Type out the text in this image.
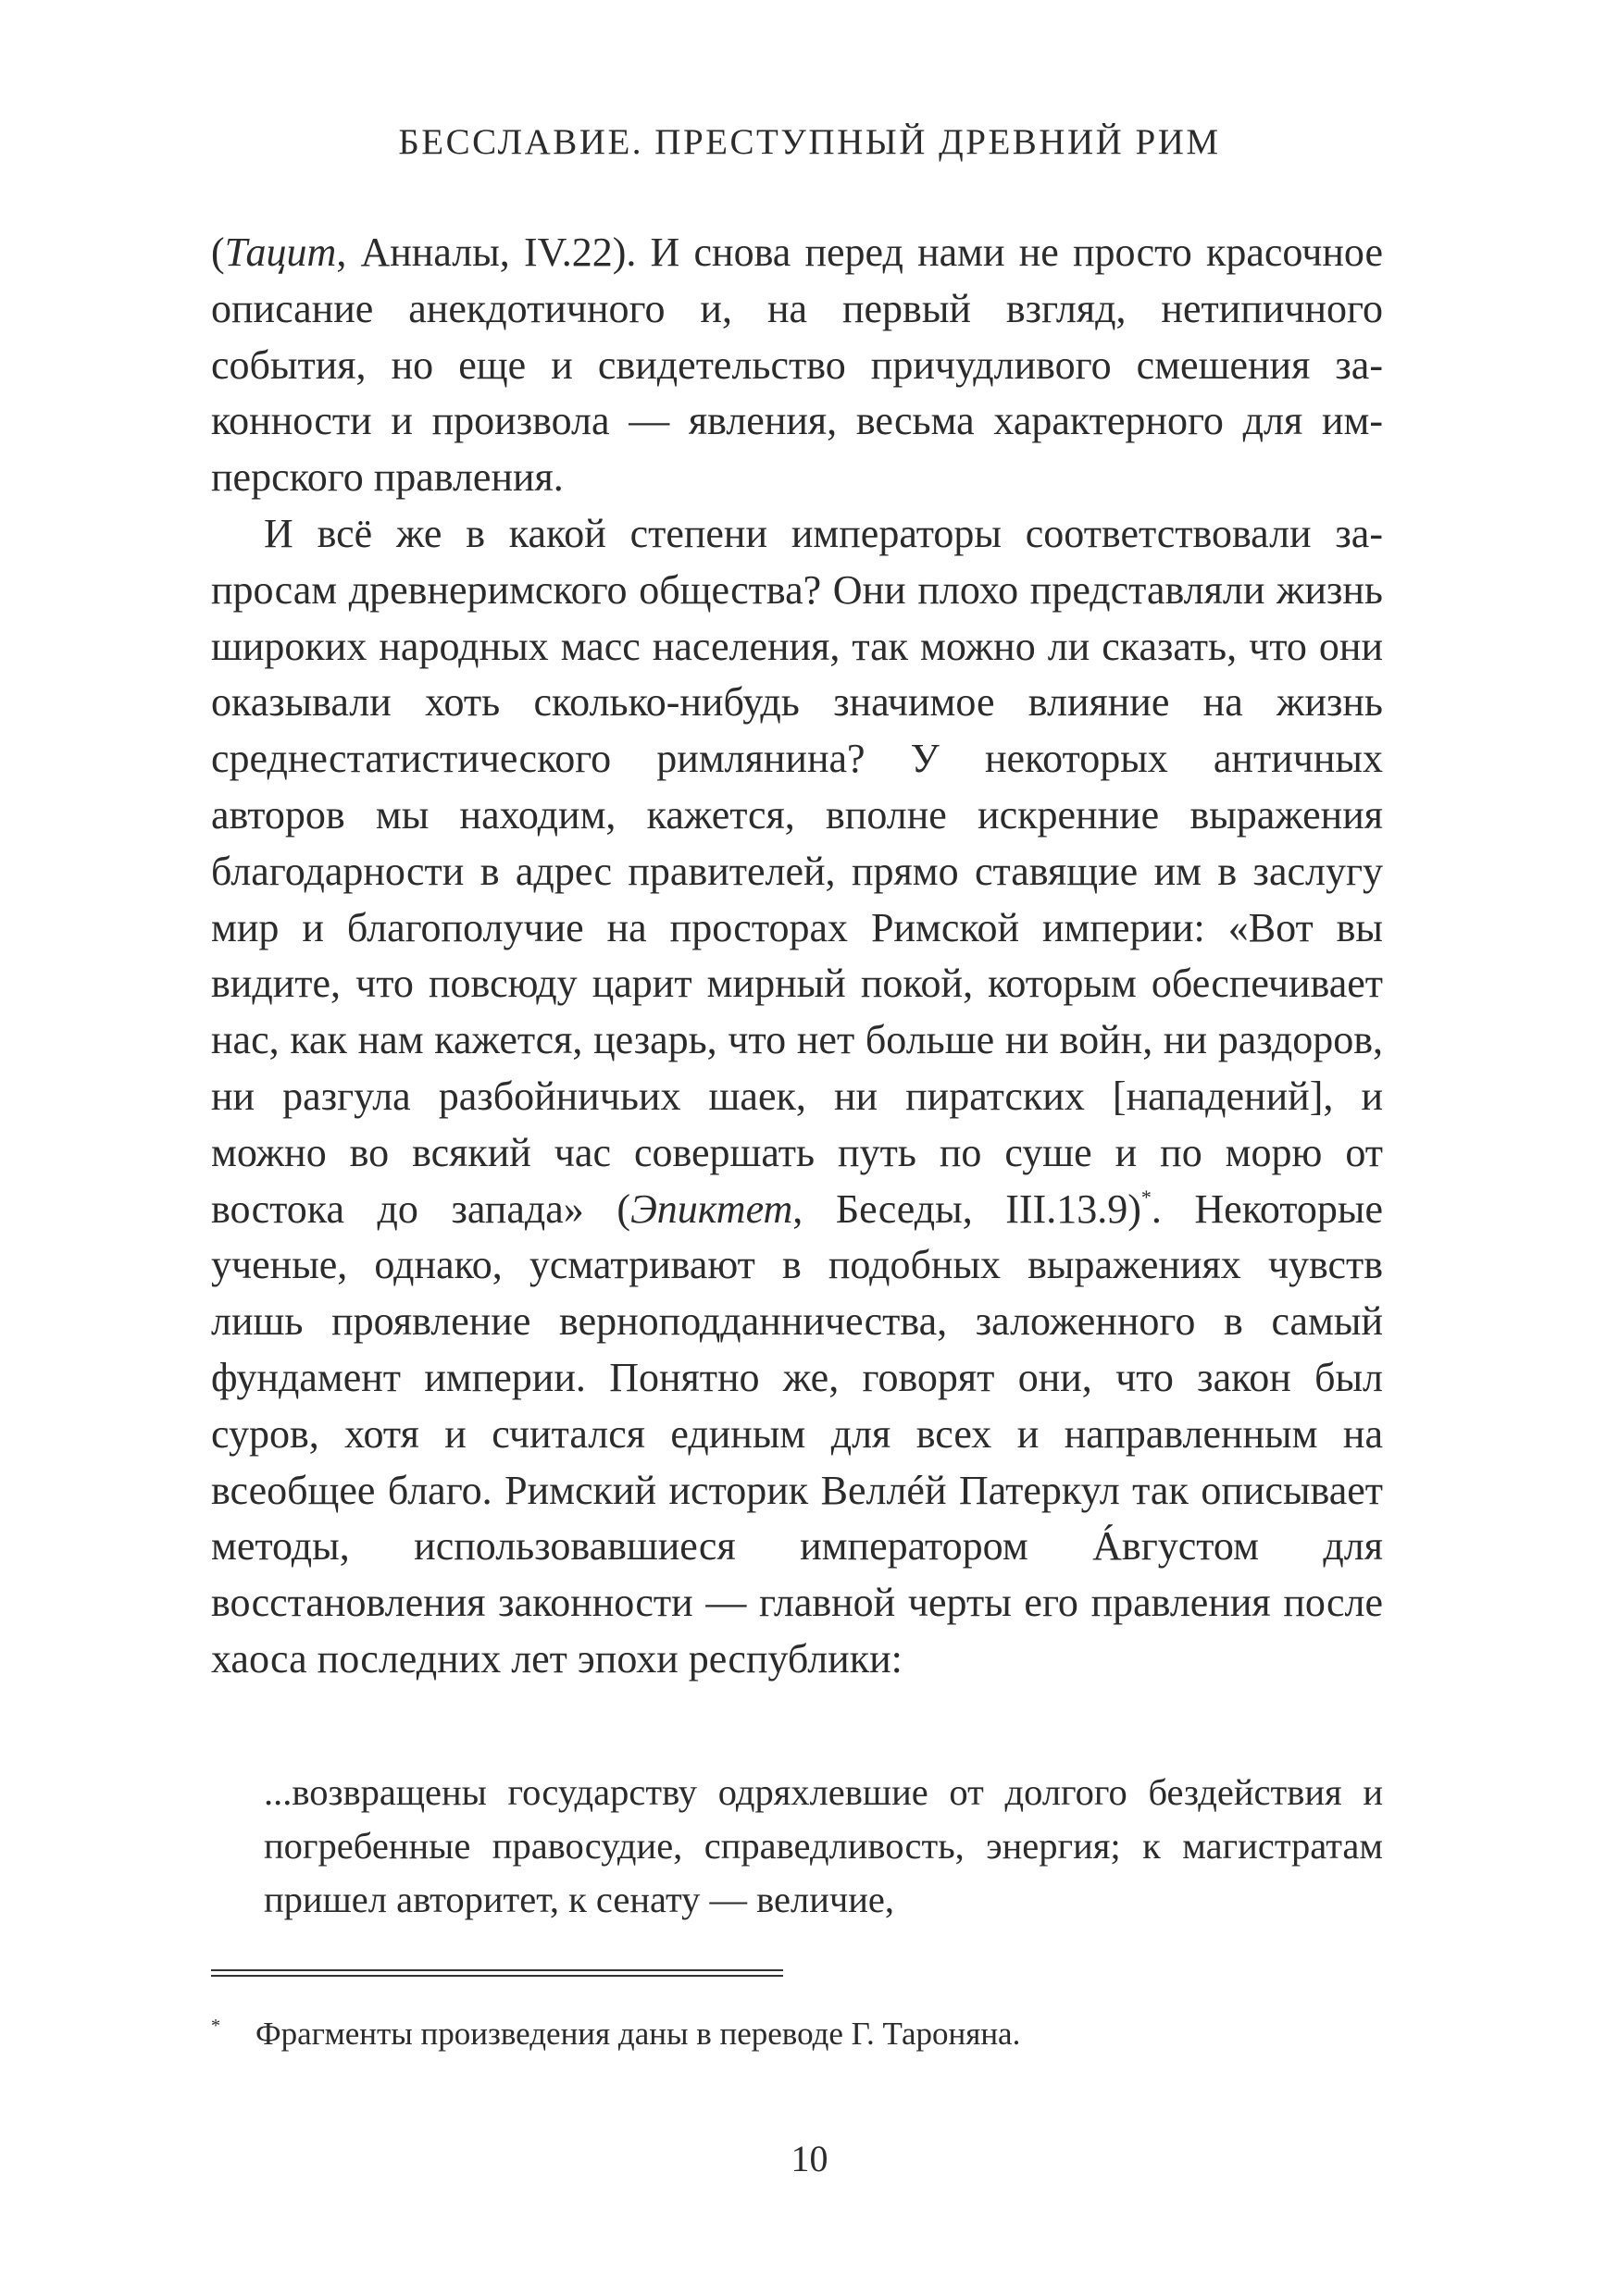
БЕССЛАВИЕ. ПРЕСТУПНЫЙ ДРЕВНИЙ РИМ

(Тацит, Анналы, IV.22). И снова перед нами не просто красочное описание анекдотичного и, на первый взгляд, нетипичного события, но еще и свидетельство причудливого смешения законности и произвола — явления, весьма характерного для имперского правления.

И всё же в какой степени императоры соответствовали запросам древнеримского общества? Они плохо представляли жизнь широких народных масс населения, так можно ли сказать, что они оказывали хоть сколько-нибудь значимое влияние на жизнь среднестатистического римлянина? У некоторых античных авторов мы находим, кажется, вполне искренние выражения благодарности в адрес правителей, прямо ставящие им в заслугу мир и благополучие на просторах Римской империи: «Вот вы видите, что повсюду царит мирный покой, которым обеспечивает нас, как нам кажется, цезарь, что нет больше ни войн, ни раздоров, ни разгула разбойничьих шаек, ни пиратских [нападений], и можно во всякий час совершать путь по суше и по морю от востока до запада» (Эпиктет, Беседы, III.13.9)*. Некоторые ученые, однако, усматривают в подобных выражениях чувств лишь проявление верноподданничества, заложенного в самый фундамент империи. Понятно же, говорят они, что закон был суров, хотя и считался единым для всех и направленным на всеобщее благо. Римский историк Веллéй Патеркул так описывает методы, использовавшиеся императором Áвгустом для восстановления законности — главной черты его правления после хаоса последних лет эпохи республики:

...возвращены государству одряхлевшие от долгого бездействия и погребенные правосудие, справедливость, энергия; к магистратам пришел авторитет, к сенату — величие,

* Фрагменты произведения даны в переводе Г. Тароняна.
10
